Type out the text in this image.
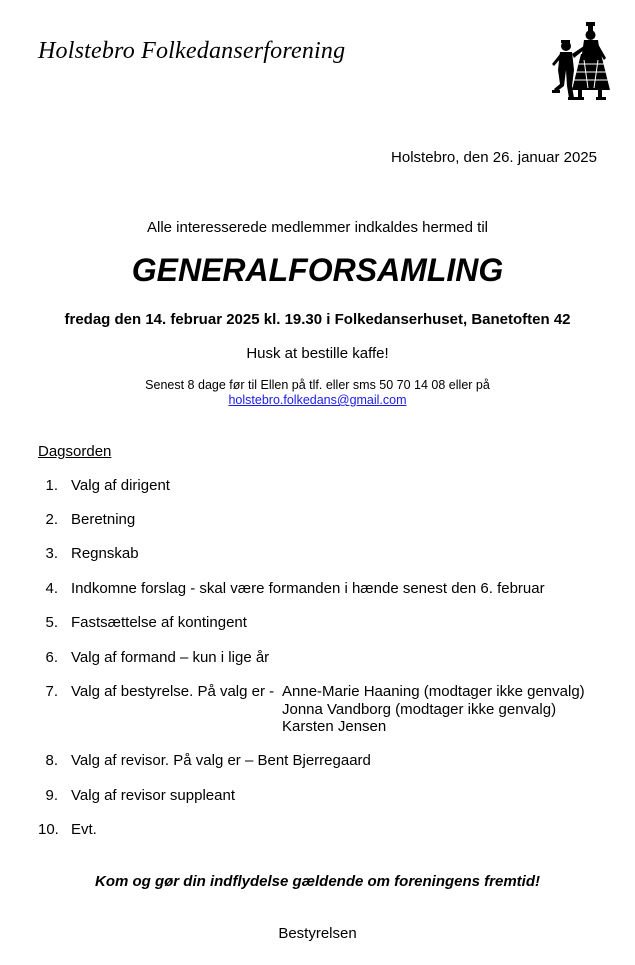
Holstebro Folkedanserforening
Holstebro, den 26. januar 2025
Alle interesserede medlemmer indkaldes hermed til
GENERALFORSAMLING
fredag den 14. februar 2025 kl. 19.30 i Folkedanserhuset, Banetoften 42
Husk at bestille kaffe!
Senest 8 dage før til Ellen på tlf. eller sms 50 70 14 08 eller på
holstebro.folkedans@gmail.com
Dagsorden
1. Valg af dirigent
2. Beretning
3. Regnskab
4. Indkomne forslag - skal være formanden i hænde senest den 6. februar
5. Fastsættelse af kontingent
6. Valg af formand – kun i lige år
7. Valg af bestyrelse. På valg er - Anne-Marie Haaning (modtager ikke genvalg)
Jonna Vandborg (modtager ikke genvalg)
Karsten Jensen
8. Valg af revisor. På valg er – Bent Bjerregaard
9. Valg af revisor suppleant
10. Evt.
Kom og gør din indflydelse gældende om foreningens fremtid!
Bestyrelsen
